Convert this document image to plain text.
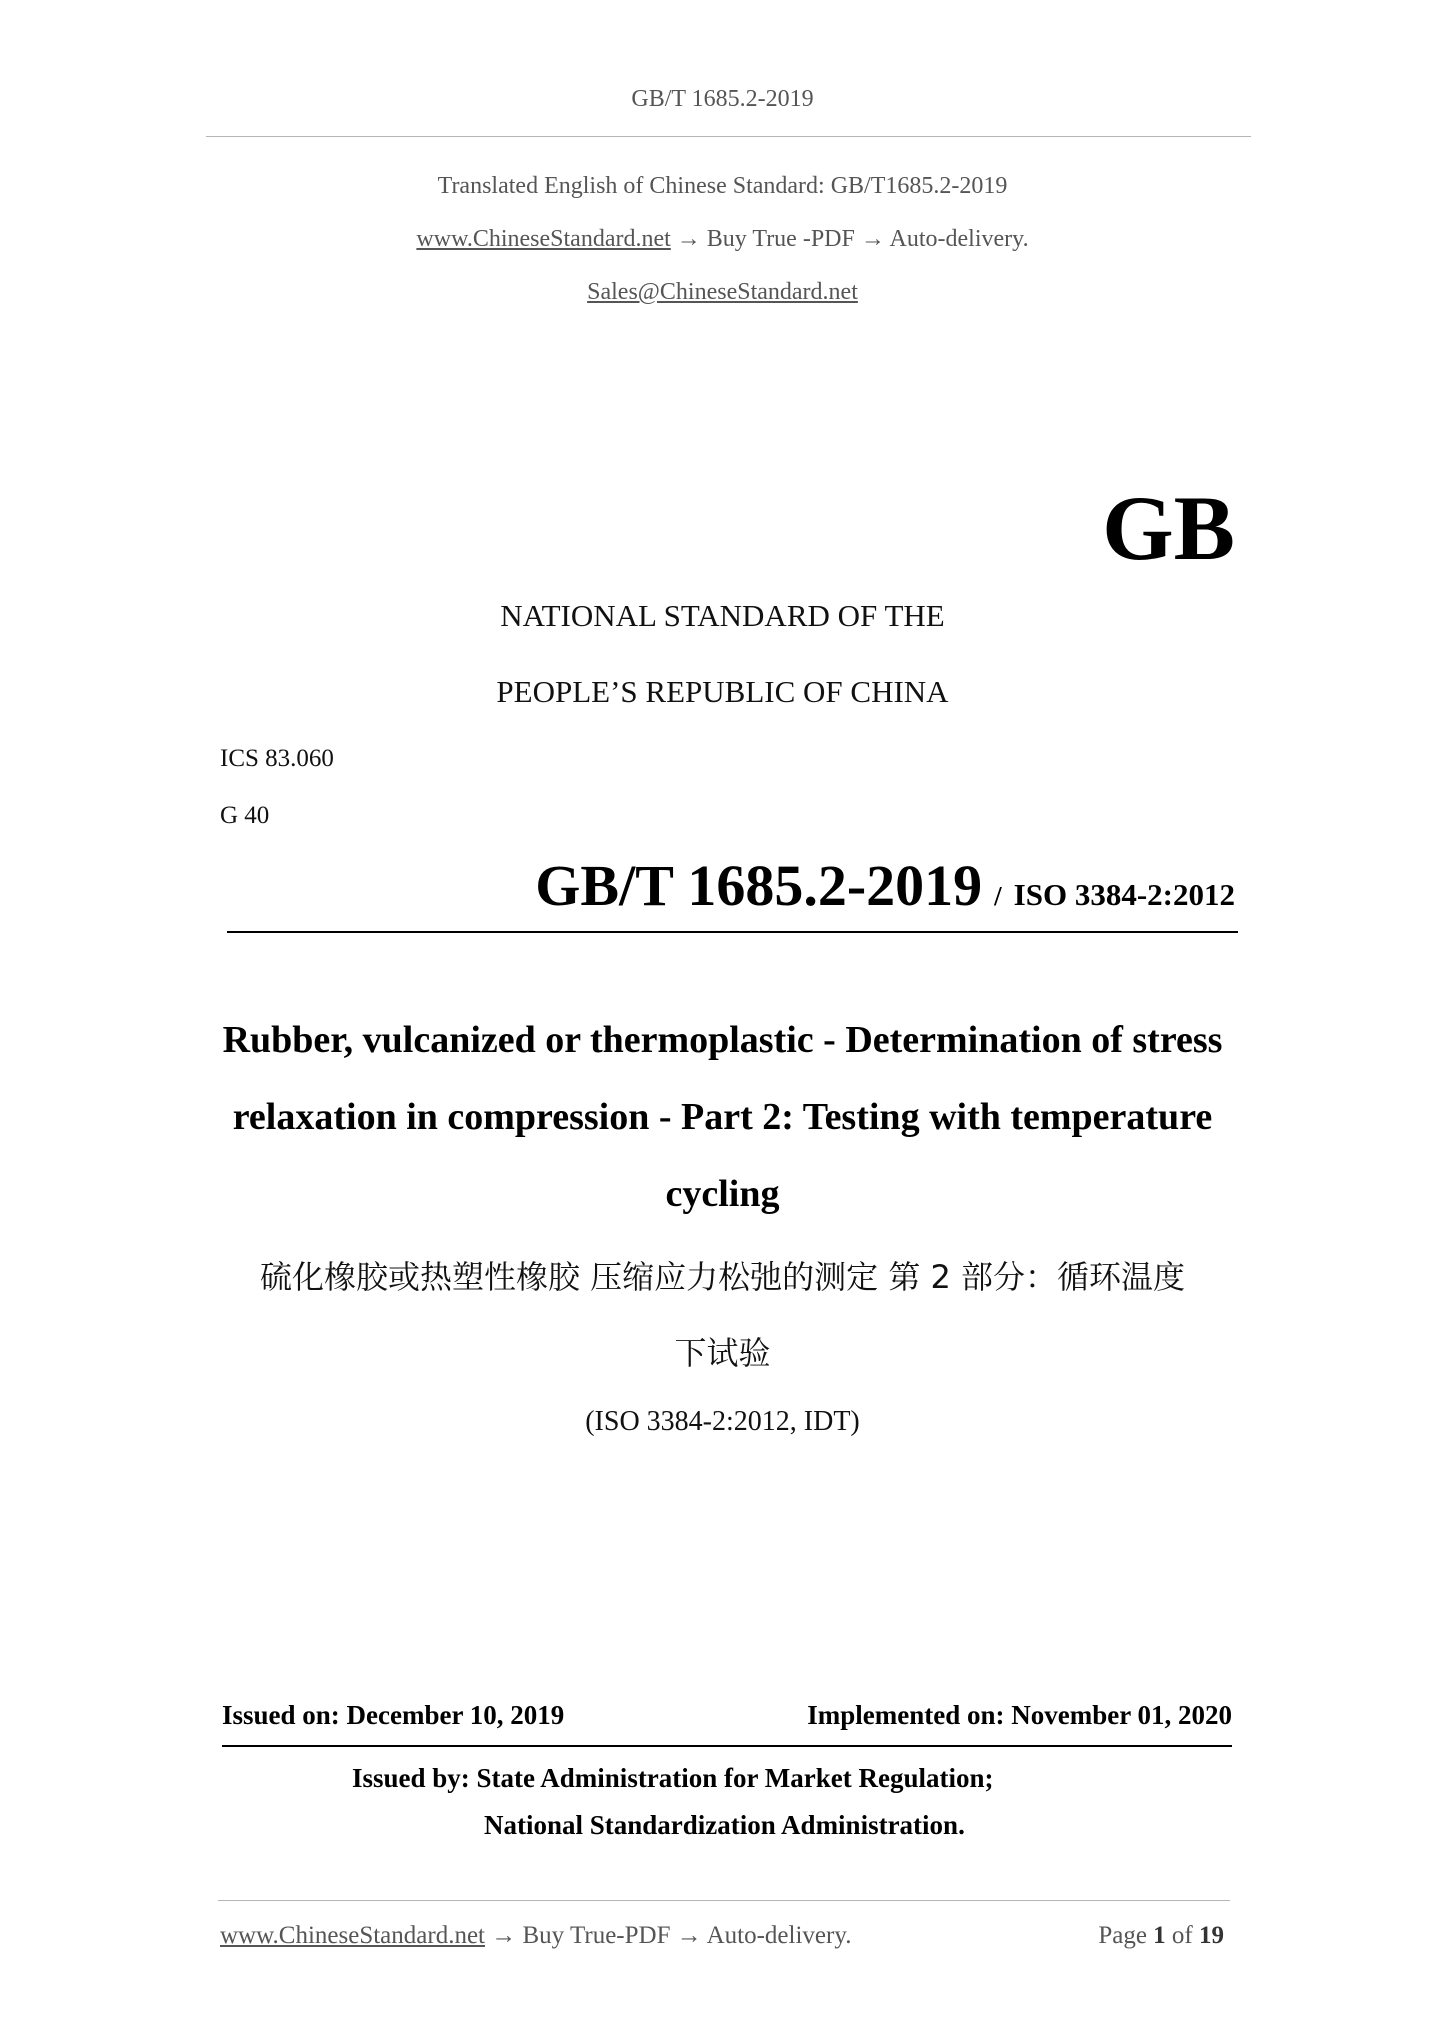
GB/T 1685.2-2019
Translated English of Chinese Standard: GB/T1685.2-2019
www.ChineseStandard.net → Buy True -PDF → Auto-delivery.
Sales@ChineseStandard.net
GB
NATIONAL STANDARD OF THE
PEOPLE’S REPUBLIC OF CHINA
ICS 83.060
G 40
GB/T 1685.2-2019 / ISO 3384-2:2012
Rubber, vulcanized or thermoplastic - Determination of stress relaxation in compression - Part 2: Testing with temperature cycling
硫化橡胶或热塑性橡胶 压缩应力松弛的测定 第 2 部分：循环温度
下试验
(ISO 3384-2:2012, IDT)
Issued on: December 10, 2019	Implemented on: November 01, 2020
Issued by: State Administration for Market Regulation;
National Standardization Administration.
www.ChineseStandard.net → Buy True-PDF → Auto-delivery.	Page 1 of 19
